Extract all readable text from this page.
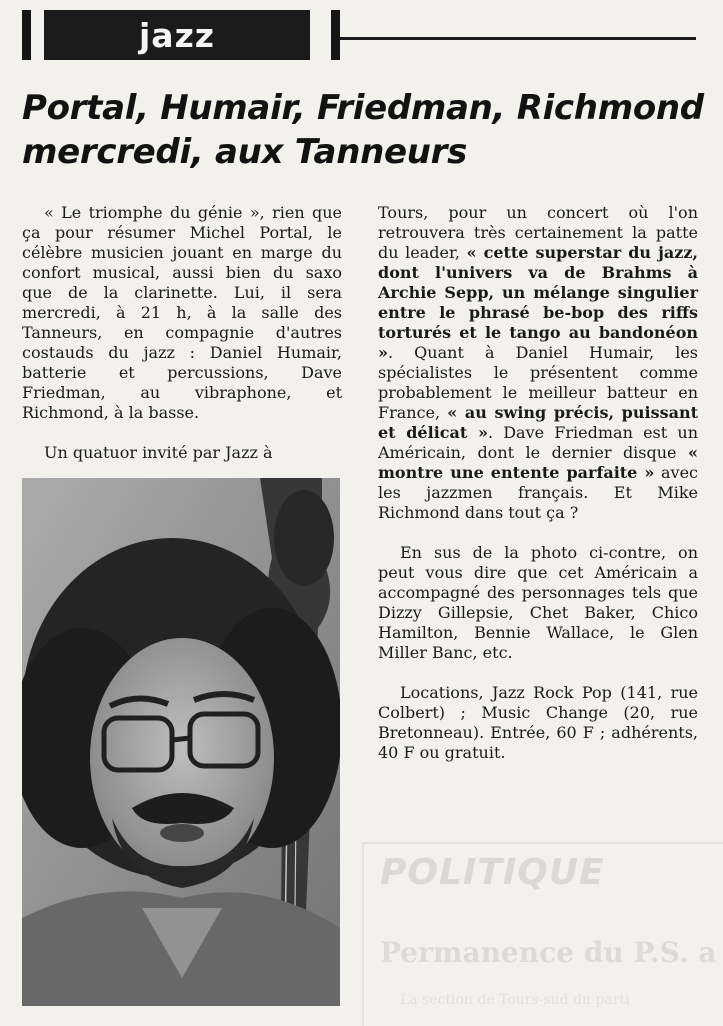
jazz
Portal, Humair, Friedman, Richmond
mercredi, aux Tanneurs

« Le triomphe du génie », rien que ça pour résumer Michel Portal, le célèbre musicien jouant en marge du confort musical, aussi bien du saxo que de la clarinette. Lui, il sera mercredi, à 21 h, à la salle des Tanneurs, en compagnie d'autres costauds du jazz : Daniel Humair, batterie et percussions, Dave Friedman, au vibraphone, et Richmond, à la basse.

Un quatuor invité par Jazz à

Tours, pour un concert où l'on retrouvera très certainement la patte du leader, « cette superstar du jazz, dont l'univers va de Brahms à Archie Sepp, un mélange singulier entre le phrasé be-bop des riffs torturés et le tango au bandonéon ». Quant à Daniel Humair, les spécialistes le présentent comme probablement le meilleur batteur en France, « au swing précis, puissant et délicat ». Dave Friedman est un Américain, dont le dernier disque « montre une entente parfaite » avec les jazzmen français. Et Mike Richmond dans tout ça ?

En sus de la photo ci-contre, on peut vous dire que cet Américain a accompagné des personnages tels que Dizzy Gillepsie, Chet Baker, Chico Hamilton, Bennie Wallace, le Glen Miller Banc, etc.

Locations, Jazz Rock Pop (141, rue Colbert) ; Music Change (20, rue Bretonneau). Entrée, 60 F ; adhérents, 40 F ou gratuit.

POLITIQUE
Permanence du P.S. a
La section de Tours-sud du parti
